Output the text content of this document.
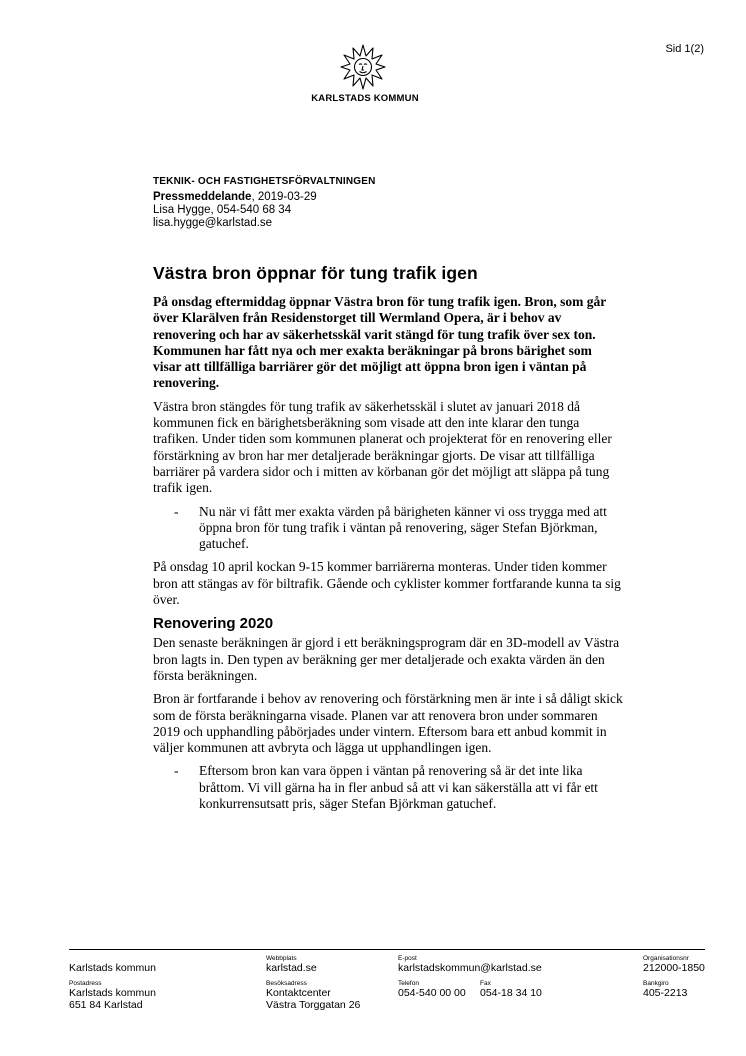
Sid 1(2)
KARLSTADS KOMMUN
TEKNIK- OCH FASTIGHETSFÖRVALTNINGEN
Pressmeddelande, 2019-03-29
Lisa Hygge, 054-540 68 34
lisa.hygge@karlstad.se
Västra bron öppnar för tung trafik igen

På onsdag eftermiddag öppnar Västra bron för tung trafik igen. Bron, som går över Klarälven från Residenstorget till Wermland Opera, är i behov av renovering och har av säkerhetsskäl varit stängd för tung trafik över sex ton. Kommunen har fått nya och mer exakta beräkningar på brons bärighet som visar att tillfälliga barriärer gör det möjligt att öppna bron igen i väntan på renovering.

Västra bron stängdes för tung trafik av säkerhetsskäl i slutet av januari 2018 då kommunen fick en bärighetsberäkning som visade att den inte klarar den tunga trafiken. Under tiden som kommunen planerat och projekterat för en renovering eller förstärkning av bron har mer detaljerade beräkningar gjorts. De visar att tillfälliga barriärer på vardera sidor och i mitten av körbanan gör det möjligt att släppa på tung trafik igen.

-	Nu när vi fått mer exakta värden på bärigheten känner vi oss trygga med att öppna bron för tung trafik i väntan på renovering, säger Stefan Björkman, gatuchef.

På onsdag 10 april kockan 9-15 kommer barriärerna monteras. Under tiden kommer bron att stängas av för biltrafik. Gående och cyklister kommer fortfarande kunna ta sig över.

Renovering 2020

Den senaste beräkningen är gjord i ett beräkningsprogram där en 3D-modell av Västra bron lagts in. Den typen av beräkning ger mer detaljerade och exakta värden än den första beräkningen.

Bron är fortfarande i behov av renovering och förstärkning men är inte i så dåligt skick som de första beräkningarna visade. Planen var att renovera bron under sommaren 2019 och upphandling påbörjades under vintern. Eftersom bara ett anbud kommit in väljer kommunen att avbryta och lägga ut upphandlingen igen.

-	Eftersom bron kan vara öppen i väntan på renovering så är det inte lika bråttom. Vi vill gärna ha in fler anbud så att vi kan säkerställa att vi får ett konkurrensutsatt pris, säger Stefan Björkman gatuchef.
Karlstads kommun
Webbplats
karlstad.se
E-post
karlstadskommun@karlstad.se
Organisationsnr
212000-1850
Postadress
Karlstads kommun
651 84 Karlstad
Besöksadress
Kontaktcenter
Västra Torggatan 26
Telefon
054-540 00 00
Fax
054-18 34 10
Bankgiro
405-2213
